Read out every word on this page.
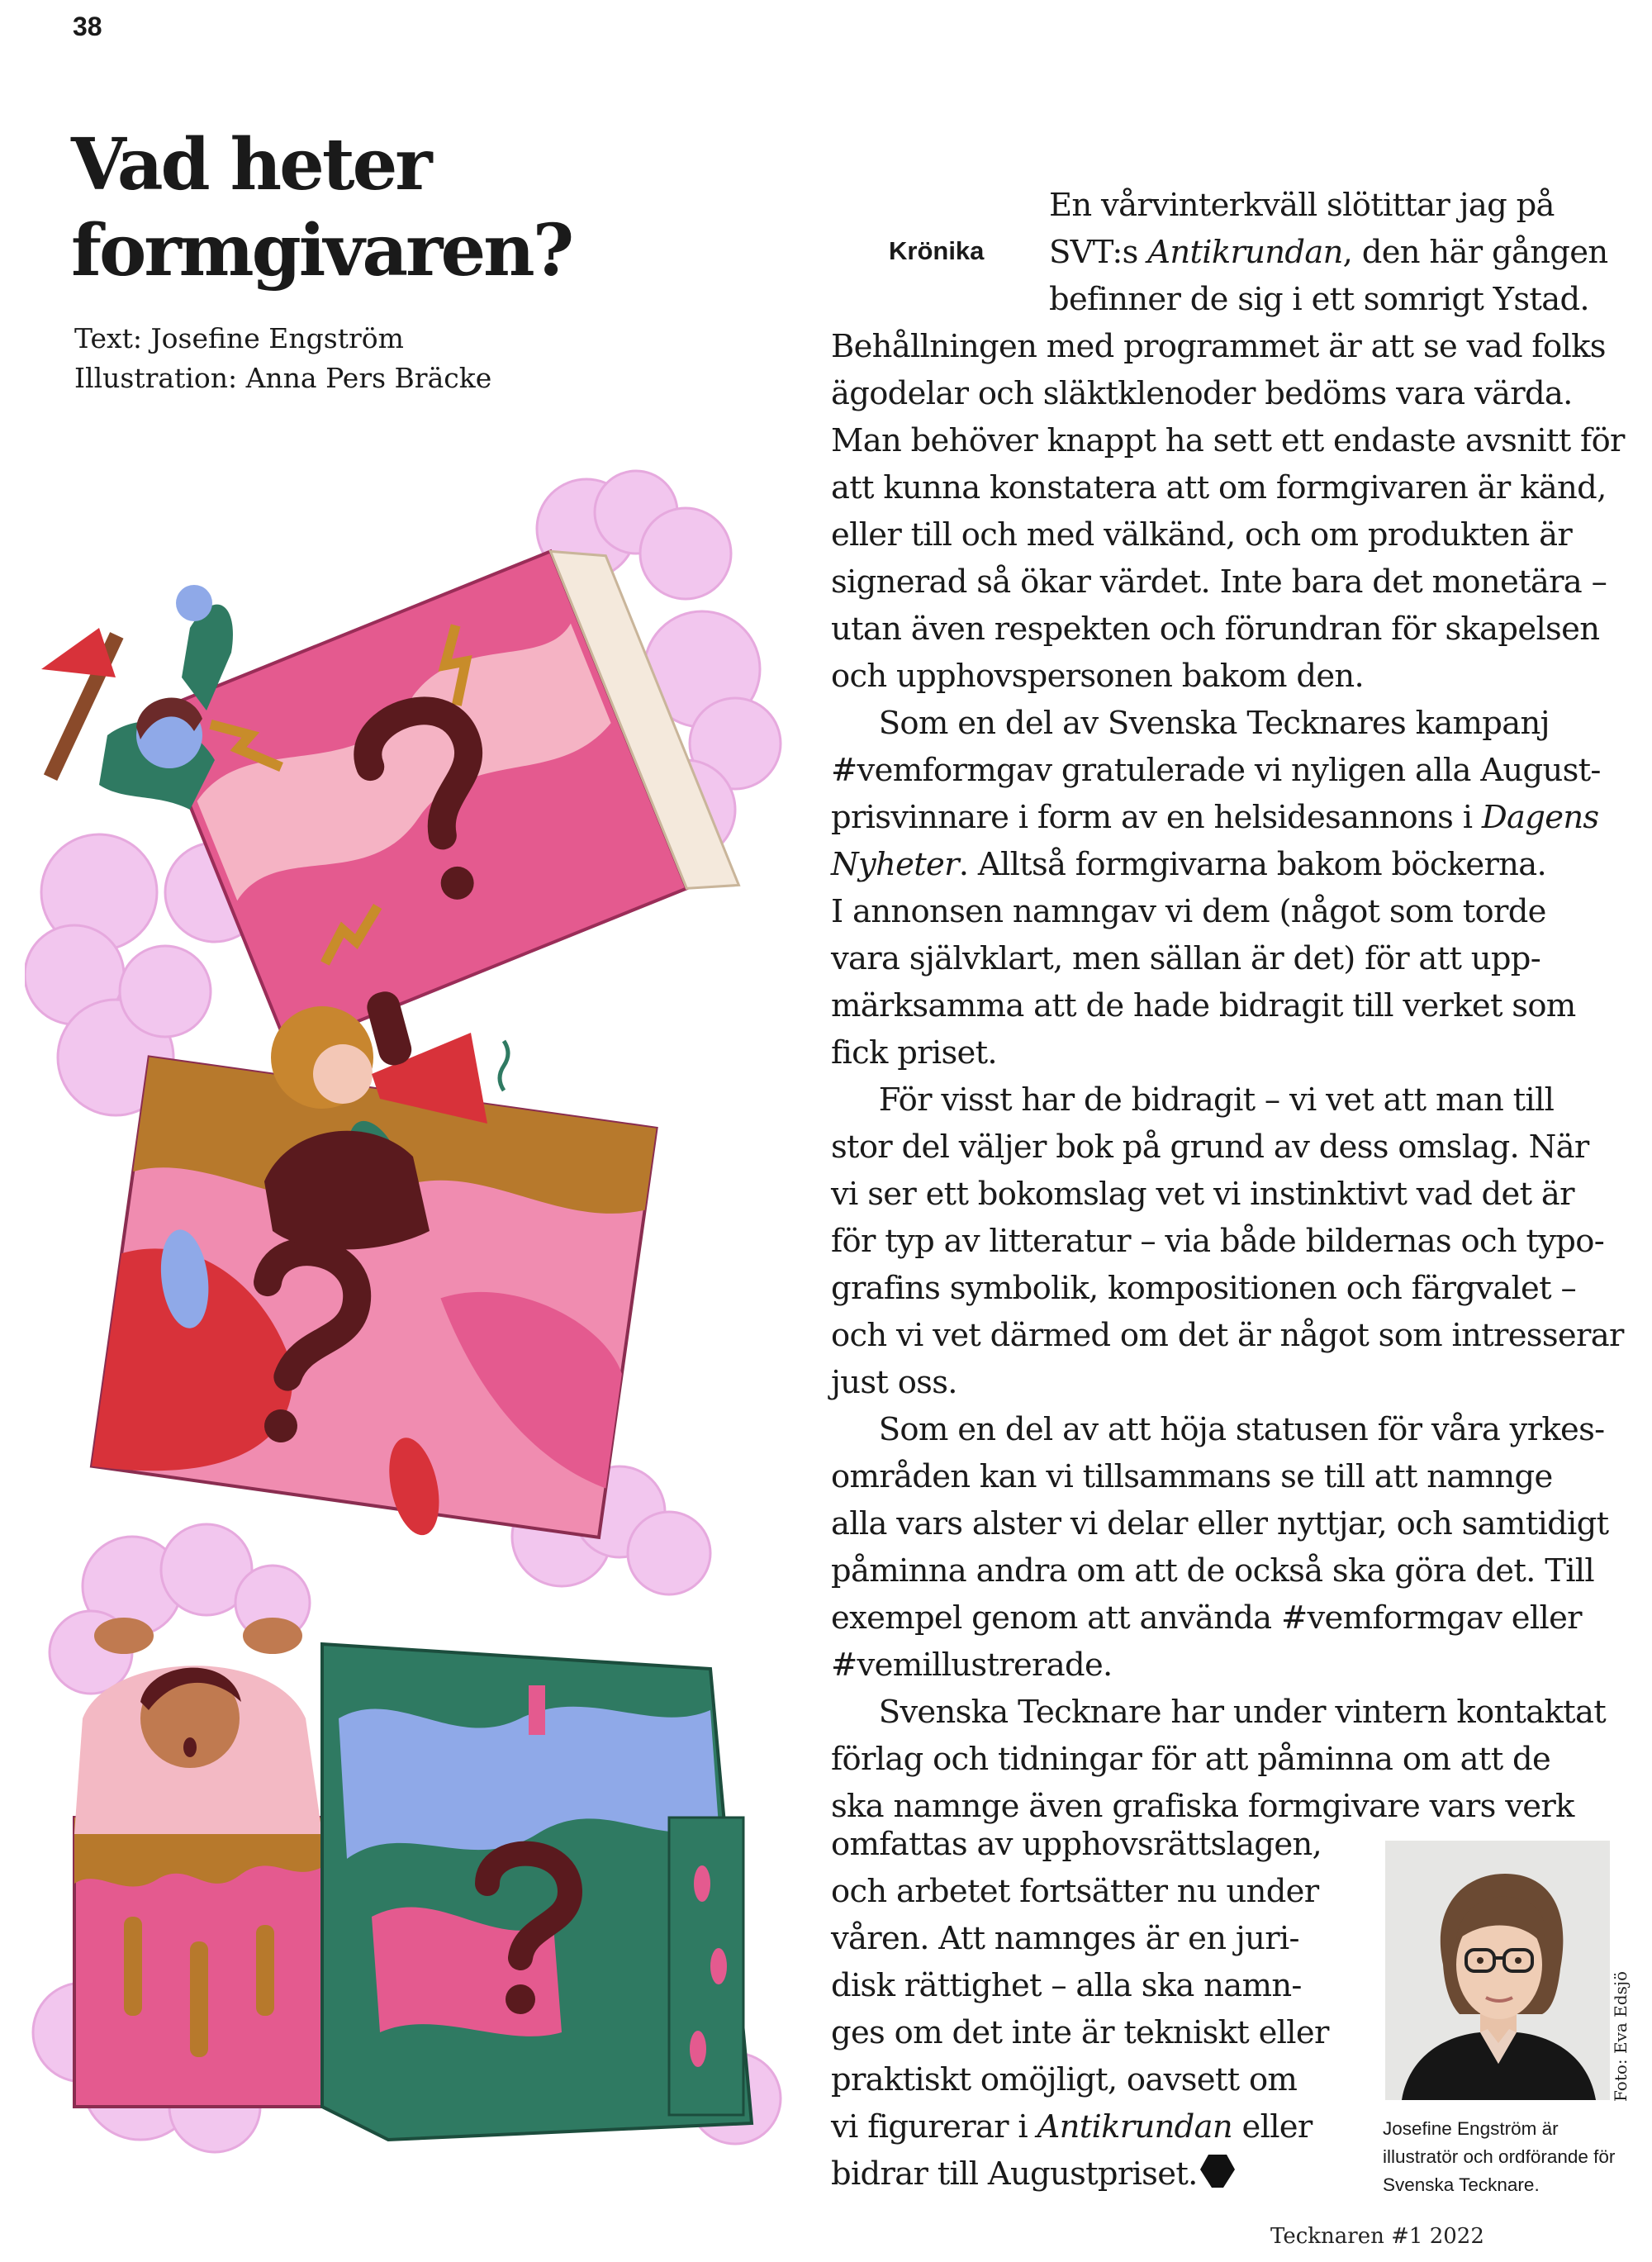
38
Vad heter
formgivaren?
Text: Josefine Engström
Illustration: Anna Pers Bräcke
Krönika
En vårvinterkväll slötittar jag på
SVT:s Antikrundan, den här gången
befinner de sig i ett somrigt Ystad.
Behållningen med programmet är att se vad folks
ägodelar och släktklenoder bedöms vara värda.
Man behöver knappt ha sett ett endaste avsnitt för
att kunna konstatera att om formgivaren är känd,
eller till och med välkänd, och om produkten är
signerad så ökar värdet. Inte bara det monetära –
utan även respekten och förundran för skapelsen
och upphovspersonen bakom den.
Som en del av Svenska Tecknares kampanj
#vemformgav gratulerade vi nyligen alla August-
prisvinnare i form av en helsidesannons i Dagens
Nyheter. Alltså formgivarna bakom böckerna.
I annonsen namngav vi dem (något som torde
vara självklart, men sällan är det) för att upp-
märksamma att de hade bidragit till verket som
fick priset.
För visst har de bidragit – vi vet att man till
stor del väljer bok på grund av dess omslag. När
vi ser ett bokomslag vet vi instinktivt vad det är
för typ av litteratur – via både bildernas och typo-
grafins symbolik, kompositionen och färgvalet –
och vi vet därmed om det är något som intresserar
just oss.
Som en del av att höja statusen för våra yrkes-
områden kan vi tillsammans se till att namnge
alla vars alster vi delar eller nyttjar, och samtidigt
påminna andra om att de också ska göra det. Till
exempel genom att använda #vemformgav eller
#vemillustrerade.
Svenska Tecknare har under vintern kontaktat
förlag och tidningar för att påminna om att de
ska namnge även grafiska formgivare vars verk
omfattas av upphovsrättslagen,
och arbetet fortsätter nu under
våren. Att namnges är en juri-
disk rättighet – alla ska namn-
ges om det inte är tekniskt eller
praktiskt omöjligt, oavsett om
vi figurerar i Antikrundan eller
bidrar till Augustpriset.
Foto: Eva Edsjö
Josefine Engström är illustratör och ordförande för Svenska Tecknare.
Tecknaren #1 2022
